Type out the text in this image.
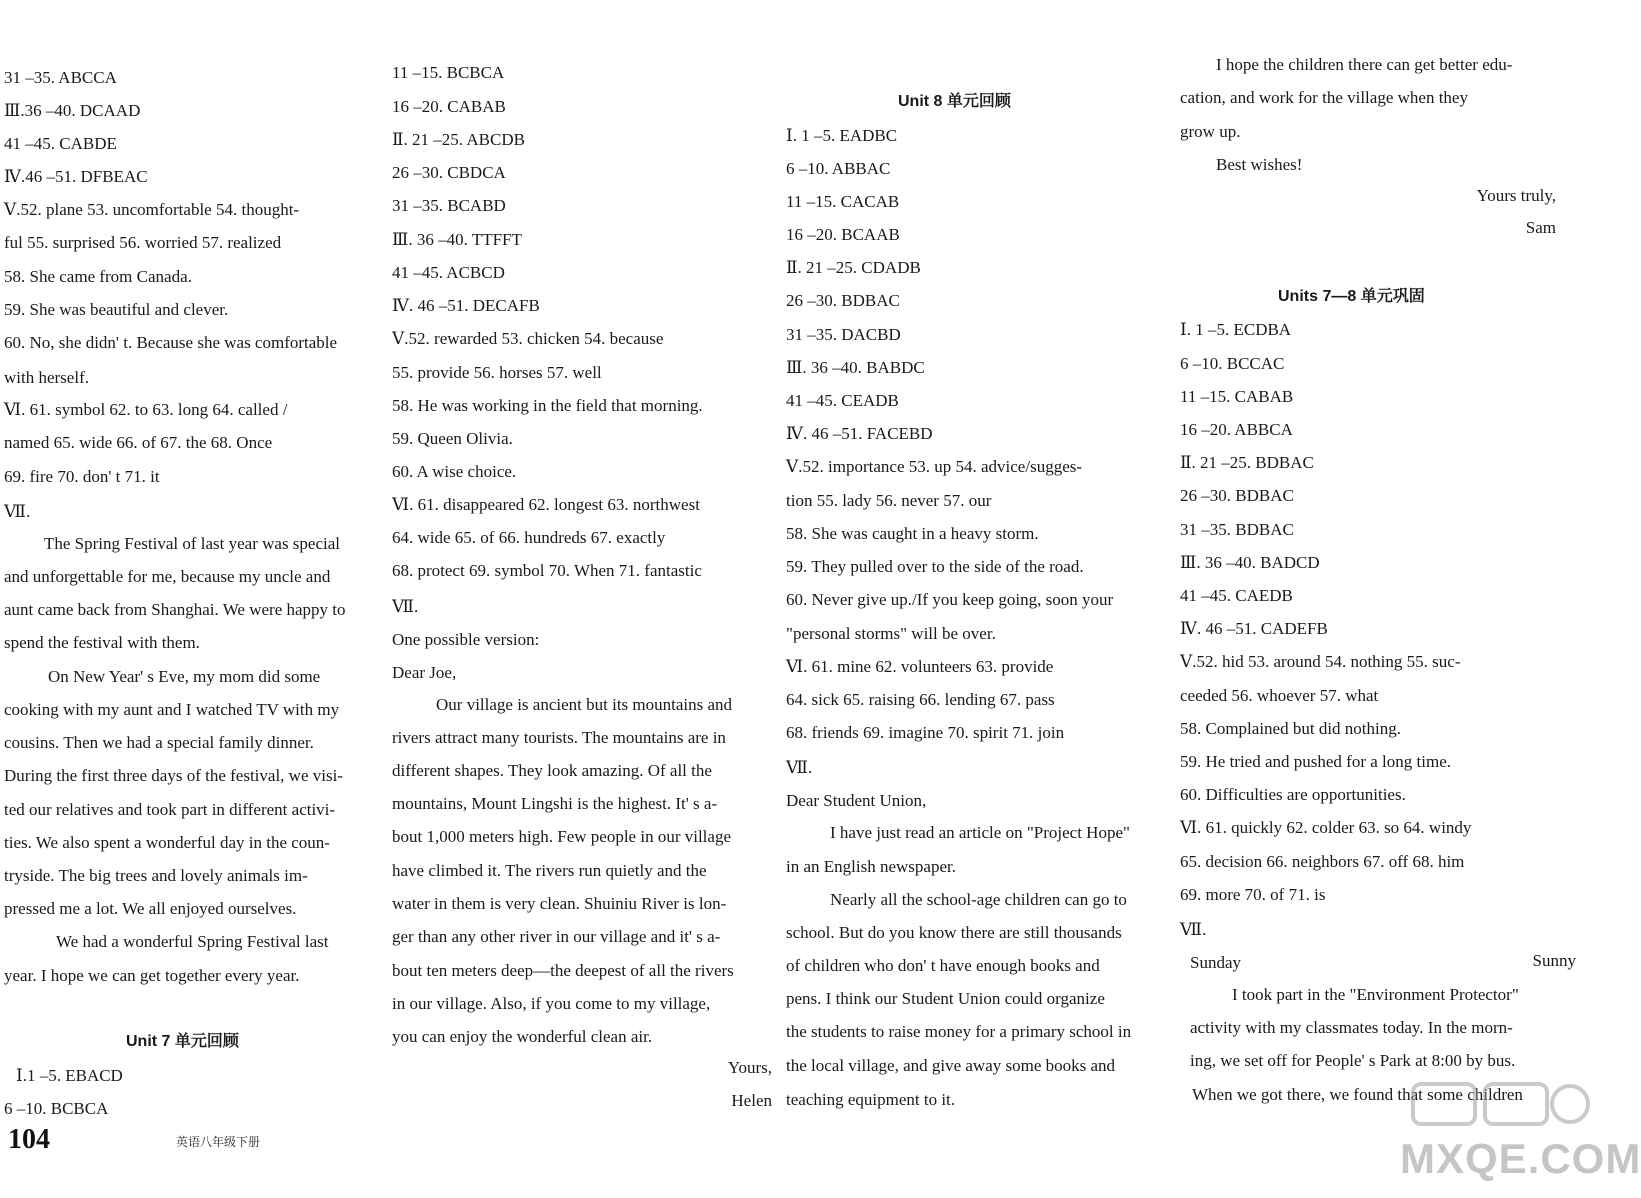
31 –35. ABCCA
Ⅲ.36 –40. DCAAD
41 –45. CABDE
Ⅳ.46 –51. DFBEAC
Ⅴ.52. plane 53. uncomfortable 54. thought-
ful 55. surprised 56. worried 57. realized
58. She came from Canada.
59. She was beautiful and clever.
60. No, she didn' t. Because she was comfortable
with herself.
Ⅵ. 61. symbol 62. to 63. long 64. called /
named 65. wide 66. of 67. the 68. Once
69. fire 70. don' t 71. it
Ⅶ.
The Spring Festival of last year was special
and unforgettable for me, because my uncle and
aunt came back from Shanghai. We were happy to
spend the festival with them.
On New Year' s Eve, my mom did some
cooking with my aunt and I watched TV with my
cousins. Then we had a special family dinner.
During the first three days of the festival, we visi-
ted our relatives and took part in different activi-
ties. We also spent a wonderful day in the coun-
tryside. The big trees and lovely animals im-
pressed me a lot. We all enjoyed ourselves.
We had a wonderful Spring Festival last
year. I hope we can get together every year.
Unit 7 单元回顾
Ⅰ.1 –5. EBACD
6 –10. BCBCA
11 –15. BCBCA
16 –20. CABAB
Ⅱ. 21 –25. ABCDB
26 –30. CBDCA
31 –35. BCABD
Ⅲ. 36 –40. TTFFT
41 –45. ACBCD
Ⅳ. 46 –51. DECAFB
Ⅴ.52. rewarded 53. chicken 54. because
55. provide 56. horses 57. well
58. He was working in the field that morning.
59. Queen Olivia.
60. A wise choice.
Ⅵ. 61. disappeared 62. longest 63. northwest
64. wide 65. of 66. hundreds 67. exactly
68. protect 69. symbol 70. When 71. fantastic
Ⅶ.
One possible version:
Dear Joe,
Our village is ancient but its mountains and
rivers attract many tourists. The mountains are in
different shapes. They look amazing. Of all the
mountains, Mount Lingshi is the highest. It' s a-
bout 1,000 meters high. Few people in our village
have climbed it. The rivers run quietly and the
water in them is very clean. Shuiniu River is lon-
ger than any other river in our village and it' s a-
bout ten meters deep—the deepest of all the rivers
in our village. Also, if you come to my village,
you can enjoy the wonderful clean air.
Yours,
Helen
Unit 8 单元回顾
Ⅰ. 1 –5. EADBC
6 –10. ABBAC
11 –15. CACAB
16 –20. BCAAB
Ⅱ. 21 –25. CDADB
26 –30. BDBAC
31 –35. DACBD
Ⅲ. 36 –40. BABDC
41 –45. CEADB
Ⅳ. 46 –51. FACEBD
Ⅴ.52. importance 53. up 54. advice/sugges-
tion 55. lady 56. never 57. our
58. She was caught in a heavy storm.
59. They pulled over to the side of the road.
60. Never give up./If you keep going, soon your
"personal storms" will be over.
Ⅵ. 61. mine 62. volunteers 63. provide
64. sick 65. raising 66. lending 67. pass
68. friends 69. imagine 70. spirit 71. join
Ⅶ.
Dear Student Union,
I have just read an article on "Project Hope"
in an English newspaper.
Nearly all the school-age children can go to
school. But do you know there are still thousands
of children who don' t have enough books and
pens. I think our Student Union could organize
the students to raise money for a primary school in
the local village, and give away some books and
teaching equipment to it.
I hope the children there can get better edu-
cation, and work for the village when they
grow up.
Best wishes!
Yours truly,
Sam
Units 7—8 单元巩固
Ⅰ. 1 –5. ECDBA
6 –10. BCCAC
11 –15. CABAB
16 –20. ABBCA
Ⅱ. 21 –25. BDBAC
26 –30. BDBAC
31 –35. BDBAC
Ⅲ. 36 –40. BADCD
41 –45. CAEDB
Ⅳ. 46 –51. CADEFB
Ⅴ.52. hid 53. around 54. nothing 55. suc-
ceeded 56. whoever 57. what
58. Complained but did nothing.
59. He tried and pushed for a long time.
60. Difficulties are opportunities.
Ⅵ. 61. quickly 62. colder 63. so 64. windy
65. decision 66. neighbors 67. off 68. him
69. more 70. of 71. is
Ⅶ.
Sunday	Sunny
I took part in the "Environment Protector"
activity with my classmates today. In the morn-
ing, we set off for People' s Park at 8:00 by bus.
When we got there, we found that some children
104	英语八年级下册	MXQE.COM
